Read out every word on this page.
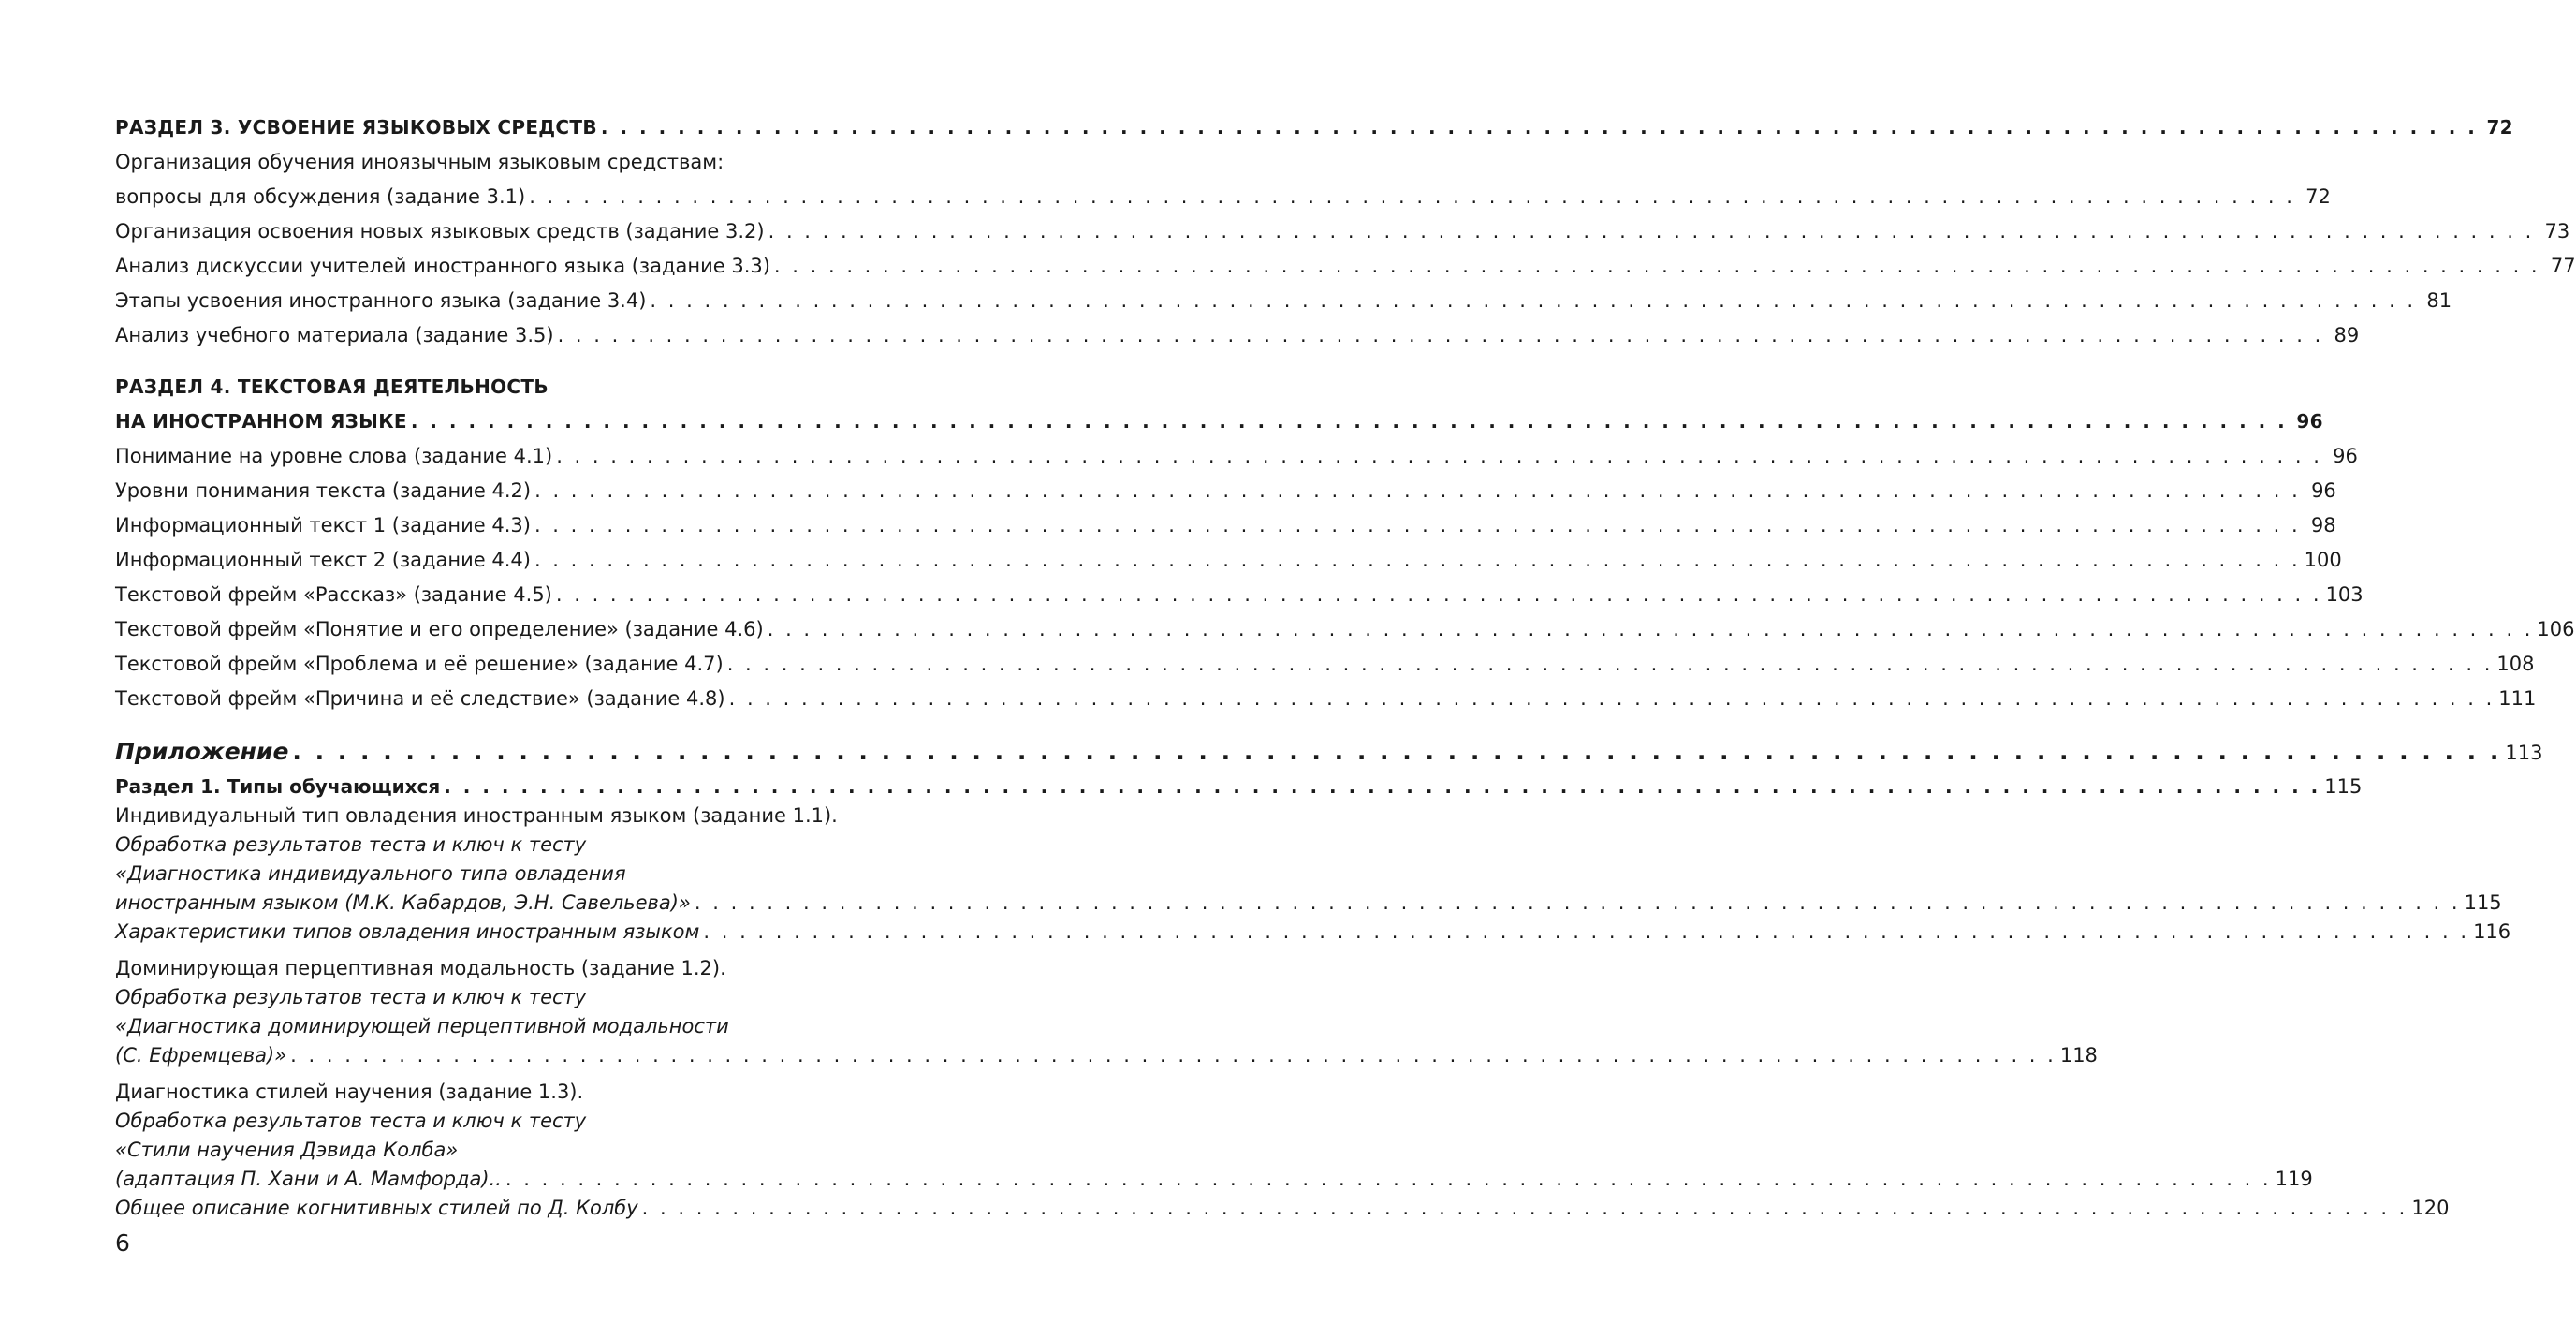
РАЗДЕЛ 3. УСВОЕНИЕ ЯЗЫКОВЫХ СРЕДСТВ . . . . . . . . . . . . . . . . . . . . . . . . . . . . . . . . . . . . . . . . . . . . . . . . . . . . . . . . . . . . . . . . . . . . . . . . . . . . . . . . . . . . . . . . . . . . . . . . . . 72
Организация обучения иноязычным языковым средствам:
вопросы для обсуждения (задание 3.1) . . . . . . . . . . . . . . . . . . . . . . . . . . . . . . . . . . . . . . . . . . . . . . . . . . . . . . . . . . . . . . . . . . . . . . . . . . . . . . . . . . . . . . . . . . . . . . . . . . 72
Организация освоения новых языковых средств (задание 3.2) . . . . . . . . . . . . . . . . . . . . . . . . . . . . . . . . . . . . . . . . . . . . . . . . . . . . . . . . . . . . . . . . . . . . . . . . . . . . . . . . . . . . . . . . . . . . . . . . . . 73
Анализ дискуссии учителей иностранного языка (задание 3.3) . . . . . . . . . . . . . . . . . . . . . . . . . . . . . . . . . . . . . . . . . . . . . . . . . . . . . . . . . . . . . . . . . . . . . . . . . . . . . . . . . . . . . . . . . . . . . . . . . . 77
Этапы усвоения иностранного языка (задание 3.4) . . . . . . . . . . . . . . . . . . . . . . . . . . . . . . . . . . . . . . . . . . . . . . . . . . . . . . . . . . . . . . . . . . . . . . . . . . . . . . . . . . . . . . . . . . . . . . . . . . 81
Анализ учебного материала (задание 3.5) . . . . . . . . . . . . . . . . . . . . . . . . . . . . . . . . . . . . . . . . . . . . . . . . . . . . . . . . . . . . . . . . . . . . . . . . . . . . . . . . . . . . . . . . . . . . . . . . . . 89
РАЗДЕЛ 4. ТЕКСТОВАЯ ДЕЯТЕЛЬНОСТЬ
НА ИНОСТРАННОМ ЯЗЫКЕ . . . . . . . . . . . . . . . . . . . . . . . . . . . . . . . . . . . . . . . . . . . . . . . . . . . . . . . . . . . . . . . . . . . . . . . . . . . . . . . . . . . . . . . . . . . . . . . . . . 96
Понимание на уровне слова (задание 4.1) . . . . . . . . . . . . . . . . . . . . . . . . . . . . . . . . . . . . . . . . . . . . . . . . . . . . . . . . . . . . . . . . . . . . . . . . . . . . . . . . . . . . . . . . . . . . . . . . . . 96
Уровни понимания текста (задание 4.2) . . . . . . . . . . . . . . . . . . . . . . . . . . . . . . . . . . . . . . . . . . . . . . . . . . . . . . . . . . . . . . . . . . . . . . . . . . . . . . . . . . . . . . . . . . . . . . . . . . 96
Информационный текст 1 (задание 4.3) . . . . . . . . . . . . . . . . . . . . . . . . . . . . . . . . . . . . . . . . . . . . . . . . . . . . . . . . . . . . . . . . . . . . . . . . . . . . . . . . . . . . . . . . . . . . . . . . . . 98
Информационный текст 2 (задание 4.4) . . . . . . . . . . . . . . . . . . . . . . . . . . . . . . . . . . . . . . . . . . . . . . . . . . . . . . . . . . . . . . . . . . . . . . . . . . . . . . . . . . . . . . . . . . . . . . . . . . 100
Текстовой фрейм «Рассказ» (задание 4.5) . . . . . . . . . . . . . . . . . . . . . . . . . . . . . . . . . . . . . . . . . . . . . . . . . . . . . . . . . . . . . . . . . . . . . . . . . . . . . . . . . . . . . . . . . . . . . . . . . . 103
Текстовой фрейм «Понятие и его определение» (задание 4.6) . . . . . . . . . . . . . . . . . . . . . . . . . . . . . . . . . . . . . . . . . . . . . . . . . . . . . . . . . . . . . . . . . . . . . . . . . . . . . . . . . . . . . . . . . . . . . . . . . . 106
Текстовой фрейм «Проблема и её решение» (задание 4.7) . . . . . . . . . . . . . . . . . . . . . . . . . . . . . . . . . . . . . . . . . . . . . . . . . . . . . . . . . . . . . . . . . . . . . . . . . . . . . . . . . . . . . . . . . . . . . . . . . . 108
Текстовой фрейм «Причина и её следствие» (задание 4.8) . . . . . . . . . . . . . . . . . . . . . . . . . . . . . . . . . . . . . . . . . . . . . . . . . . . . . . . . . . . . . . . . . . . . . . . . . . . . . . . . . . . . . . . . . . . . . . . . . . 111
Приложение . . . . . . . . . . . . . . . . . . . . . . . . . . . . . . . . . . . . . . . . . . . . . . . . . . . . . . . . . . . . . . . . . . . . . . . . . . . . . . . . . . . . . . . . . . . . . . . . . . 113
Раздел 1. Типы обучающихся . . . . . . . . . . . . . . . . . . . . . . . . . . . . . . . . . . . . . . . . . . . . . . . . . . . . . . . . . . . . . . . . . . . . . . . . . . . . . . . . . . . . . . . . . . . . . . . . . . 115
Индивидуальный тип овладения иностранным языком (задание 1.1).
Обработка результатов теста и ключ к тесту
«Диагностика индивидуального типа овладения
иностранным языком (М.К. Кабардов, Э.Н. Савельева)» . . . . . . . . . . . . . . . . . . . . . . . . . . . . . . . . . . . . . . . . . . . . . . . . . . . . . . . . . . . . . . . . . . . . . . . . . . . . . . . . . . . . . . . . . . . . . . . . . . 115
Характеристики типов овладения иностранным языком . . . . . . . . . . . . . . . . . . . . . . . . . . . . . . . . . . . . . . . . . . . . . . . . . . . . . . . . . . . . . . . . . . . . . . . . . . . . . . . . . . . . . . . . . . . . . . . . . . 116
Доминирующая перцептивная модальность (задание 1.2).
Обработка результатов теста и ключ к тесту
«Диагностика доминирующей перцептивной модальности
(С. Ефремцева)» . . . . . . . . . . . . . . . . . . . . . . . . . . . . . . . . . . . . . . . . . . . . . . . . . . . . . . . . . . . . . . . . . . . . . . . . . . . . . . . . . . . . . . . . . . . . . . . . . . 118
Диагностика стилей научения (задание 1.3).
Обработка результатов теста и ключ к тесту
«Стили научения Дэвида Колба»
(адаптация П. Хани и А. Мамфорда).. . . . . . . . . . . . . . . . . . . . . . . . . . . . . . . . . . . . . . . . . . . . . . . . . . . . . . . . . . . . . . . . . . . . . . . . . . . . . . . . . . . . . . . . . . . . . . . . . . . 119
Общее описание когнитивных стилей по Д. Колбу . . . . . . . . . . . . . . . . . . . . . . . . . . . . . . . . . . . . . . . . . . . . . . . . . . . . . . . . . . . . . . . . . . . . . . . . . . . . . . . . . . . . . . . . . . . . . . . . . . 120
6
